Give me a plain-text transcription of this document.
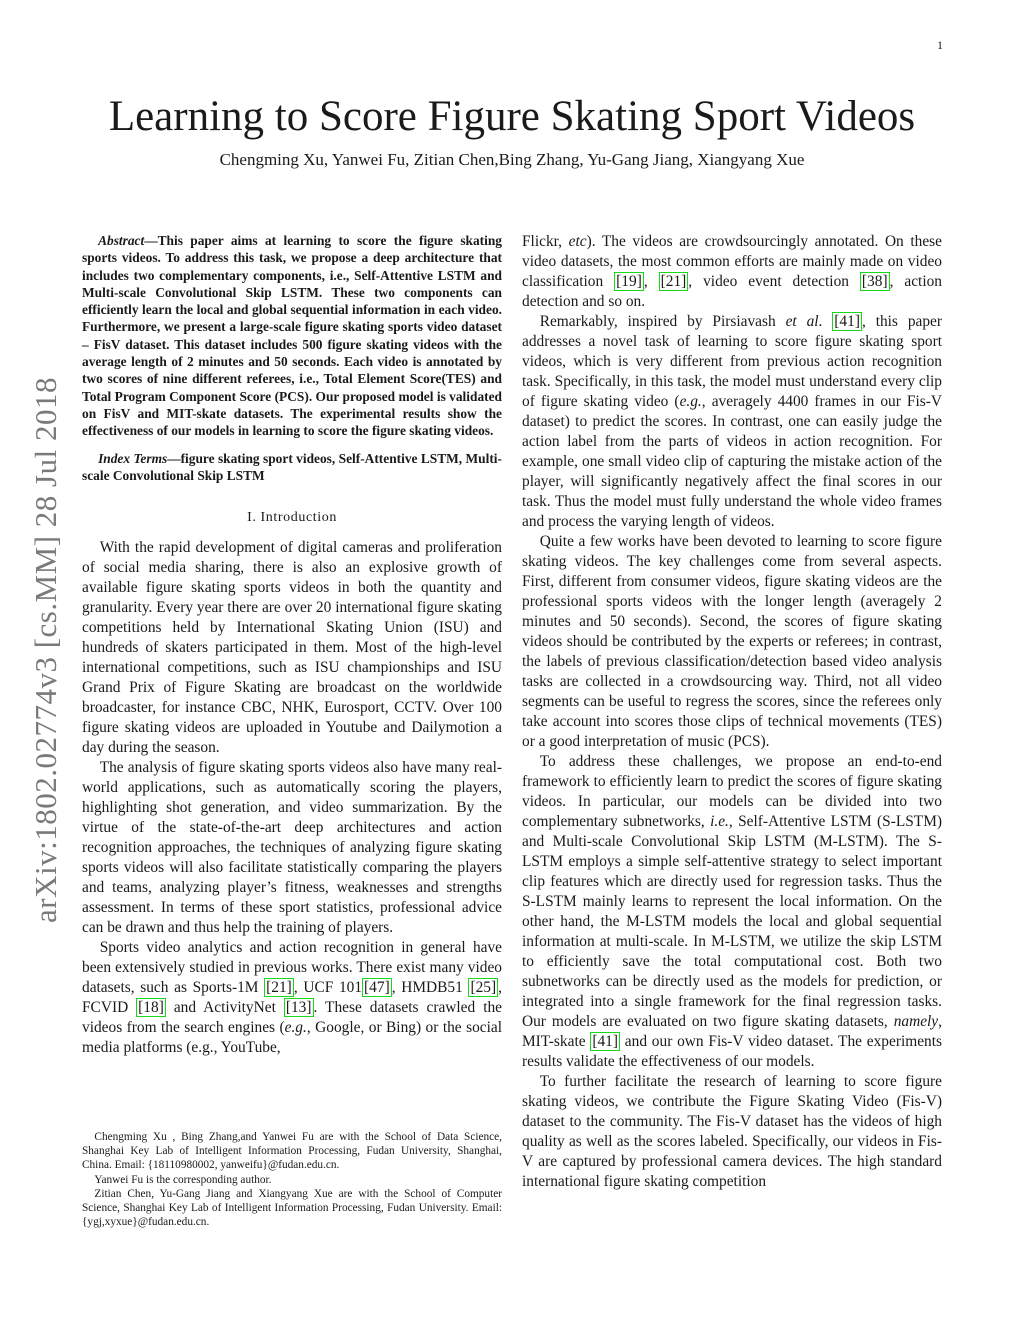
1
arXiv:1802.02774v3 [cs.MM] 28 Jul 2018
Learning to Score Figure Skating Sport Videos
Chengming Xu, Yanwei Fu, Zitian Chen,Bing Zhang, Yu-Gang Jiang, Xiangyang Xue

Abstract—This paper aims at learning to score the figure skating sports videos. To address this task, we propose a deep architecture that includes two complementary components, i.e., Self-Attentive LSTM and Multi-scale Convolutional Skip LSTM. These two components can efficiently learn the local and global sequential information in each video. Furthermore, we present a large-scale figure skating sports video dataset – FisV dataset. This dataset includes 500 figure skating videos with the average length of 2 minutes and 50 seconds. Each video is annotated by two scores of nine different referees, i.e., Total Element Score(TES) and Total Program Component Score (PCS). Our proposed model is validated on FisV and MIT-skate datasets. The experimental results show the effectiveness of our models in learning to score the figure skating videos.

Index Terms—figure skating sport videos, Self-Attentive LSTM, Multi-scale Convolutional Skip LSTM

I. Introduction

With the rapid development of digital cameras and proliferation of social media sharing, there is also an explosive growth of available figure skating sports videos in both the quantity and granularity. Every year there are over 20 international figure skating competitions held by International Skating Union (ISU) and hundreds of skaters participated in them. Most of the high-level international competitions, such as ISU championships and ISU Grand Prix of Figure Skating are broadcast on the worldwide broadcaster, for instance CBC, NHK, Eurosport, CCTV. Over 100 figure skating videos are uploaded in Youtube and Dailymotion a day during the season.

The analysis of figure skating sports videos also have many real-world applications, such as automatically scoring the players, highlighting shot generation, and video summarization. By the virtue of the state-of-the-art deep architectures and action recognition approaches, the techniques of analyzing figure skating sports videos will also facilitate statistically comparing the players and teams, analyzing player’s fitness, weaknesses and strengths assessment. In terms of these sport statistics, professional advice can be drawn and thus help the training of players.

Sports video analytics and action recognition in general have been extensively studied in previous works. There exist many video datasets, such as Sports-1M [21] , UCF 101 [47] , HMDB51 [25] , FCVID [18] and ActivityNet [13] . These datasets crawled the videos from the search engines (e.g., Google, or Bing) or the social media platforms (e.g., YouTube,

Chengming Xu , Bing Zhang,and Yanwei Fu are with the School of Data Science, Shanghai Key Lab of Intelligent Information Processing, Fudan University, Shanghai, China. Email: {18110980002, yanweifu}@fudan.edu.cn.

Yanwei Fu is the corresponding author.

Zitian Chen, Yu-Gang Jiang and Xiangyang Xue are with the School of Computer Science, Shanghai Key Lab of Intelligent Information Processing, Fudan University. Email: {ygj,xyxue}@fudan.edu.cn.

Flickr, etc). The videos are crowdsourcingly annotated. On these video datasets, the most common efforts are mainly made on video classification [19] , [21] , video event detection [38] , action detection and so on.

Remarkably, inspired by Pirsiavash et al. [41] , this paper addresses a novel task of learning to score figure skating sport videos, which is very different from previous action recognition task. Specifically, in this task, the model must understand every clip of figure skating video (e.g., averagely 4400 frames in our Fis-V dataset) to predict the scores. In contrast, one can easily judge the action label from the parts of videos in action recognition. For example, one small video clip of capturing the mistake action of the player, will significantly negatively affect the final scores in our task. Thus the model must fully understand the whole video frames and process the varying length of videos.

Quite a few works have been devoted to learning to score figure skating videos. The key challenges come from several aspects. First, different from consumer videos, figure skating videos are the professional sports videos with the longer length (averagely 2 minutes and 50 seconds). Second, the scores of figure skating videos should be contributed by the experts or referees; in contrast, the labels of previous classification/detection based video analysis tasks are collected in a crowdsourcing way. Third, not all video segments can be useful to regress the scores, since the referees only take account into scores those clips of technical movements (TES) or a good interpretation of music (PCS).

To address these challenges, we propose an end-to-end framework to efficiently learn to predict the scores of figure skating videos. In particular, our models can be divided into two complementary subnetworks, i.e., Self-Attentive LSTM (S-LSTM) and Multi-scale Convolutional Skip LSTM (M-LSTM). The S-LSTM employs a simple self-attentive strategy to select important clip features which are directly used for regression tasks. Thus the S-LSTM mainly learns to represent the local information. On the other hand, the M-LSTM models the local and global sequential information at multi-scale. In M-LSTM, we utilize the skip LSTM to efficiently save the total computational cost. Both two subnetworks can be directly used as the models for prediction, or integrated into a single framework for the final regression tasks. Our models are evaluated on two figure skating datasets, namely, MIT-skate [41] and our own Fis-V video dataset. The experiments results validate the effectiveness of our models.

To further facilitate the research of learning to score figure skating videos, we contribute the Figure Skating Video (Fis-V) dataset to the community. The Fis-V dataset has the videos of high quality as well as the scores labeled. Specifically, our videos in Fis-V are captured by professional camera devices. The high standard international figure skating competition
